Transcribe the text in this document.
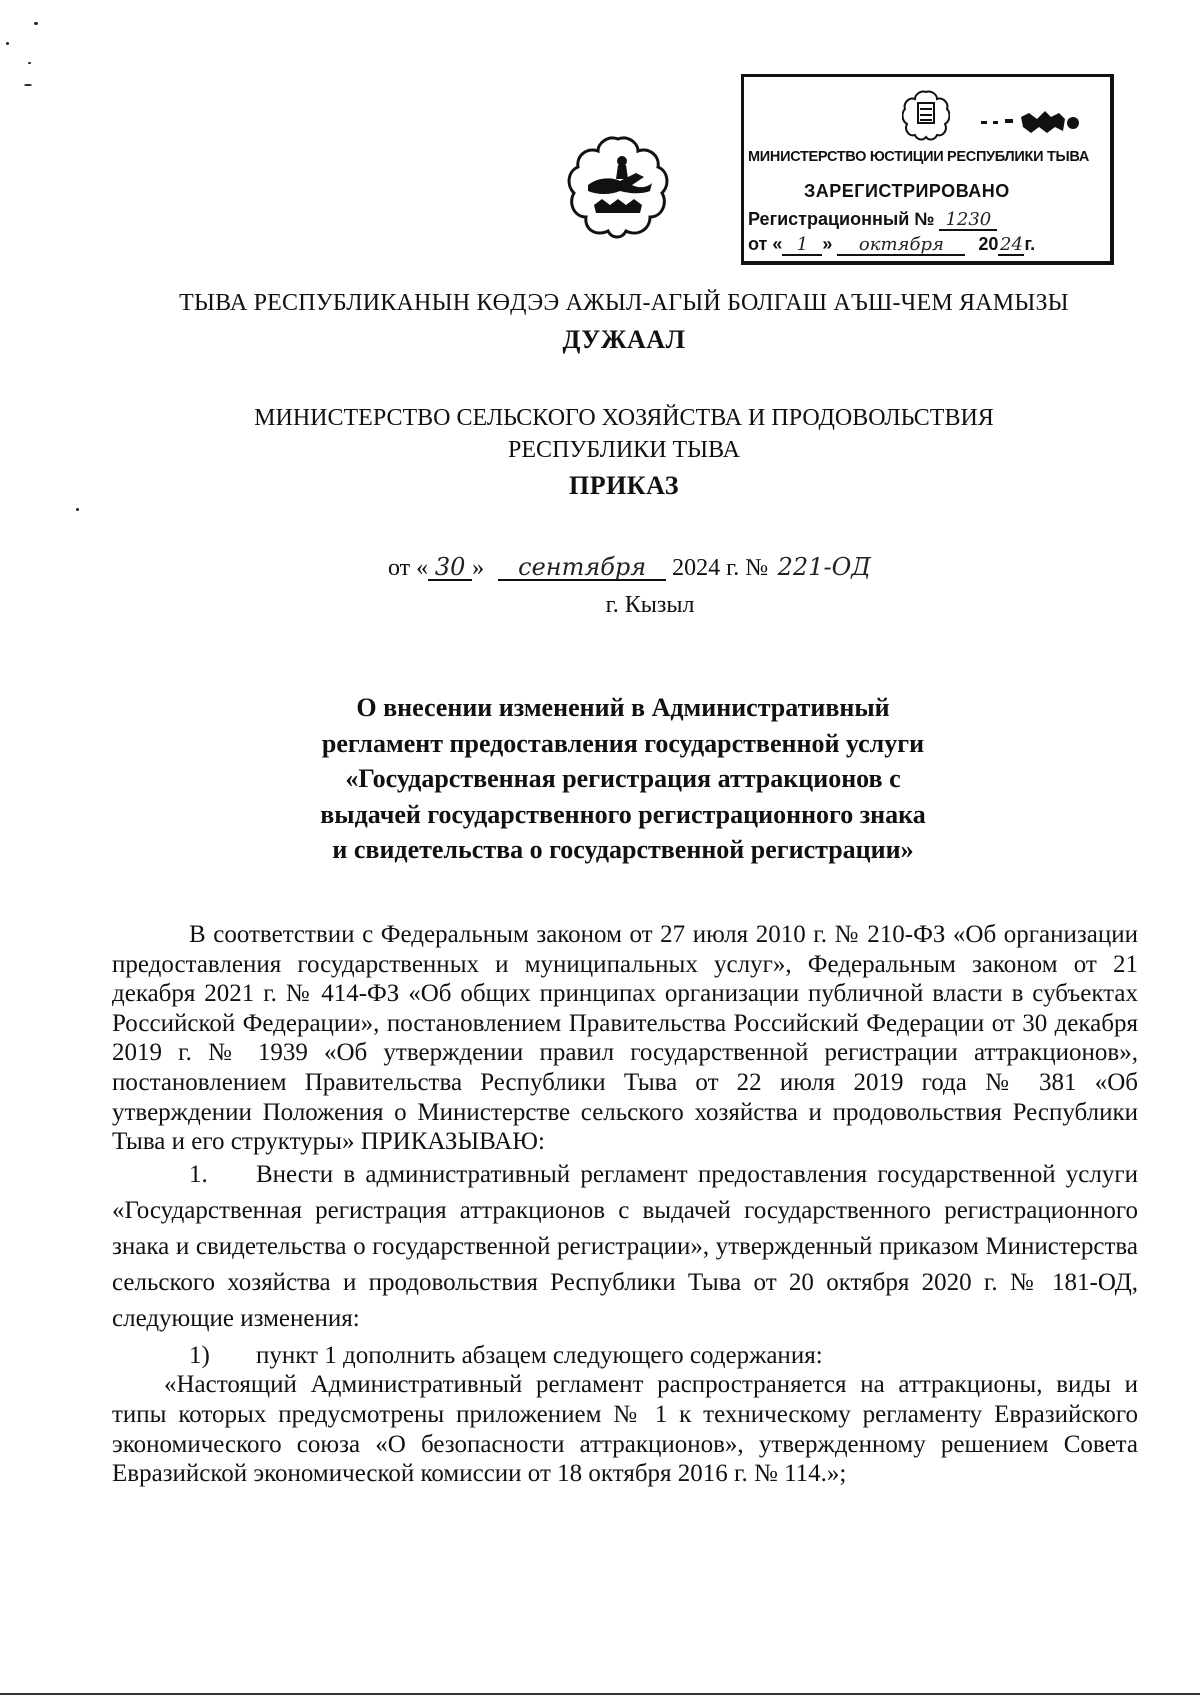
МИНИСТЕРСТВО ЮСТИЦИИ РЕСПУБЛИКИ ТЫВА
ЗАРЕГИСТРИРОВАНО
Регистрационный № 1230
от « 1 » октября 2024г.
ТЫВА РЕСПУБЛИКАНЫН КӨДЭЭ АЖЫЛ-АГЫЙ БОЛГАШ АЪШ-ЧЕМ ЯАМЫЗЫ
ДУЖААЛ
МИНИСТЕРСТВО СЕЛЬСКОГО ХОЗЯЙСТВА И ПРОДОВОЛЬСТВИЯ
РЕСПУБЛИКИ ТЫВА
ПРИКАЗ
от « 30 » сентября 2024 г. № 221-ОД
г. Кызыл
О внесении изменений в Административный
регламент предоставления государственной услуги
«Государственная регистрация аттракционов с
выдачей государственного регистрационного знака
и свидетельства о государственной регистрации»

В соответствии с Федеральным законом от 27 июля 2010 г. № 210-ФЗ «Об организации предоставления государственных и муниципальных услуг», Федеральным законом от 21 декабря 2021 г. № 414-ФЗ «Об общих принципах организации публичной власти в субъектах Российской Федерации», постановлением Правительства Российский Федерации от 30 декабря 2019 г. № 1939 «Об утверждении правил государственной регистрации аттракционов», постановлением Правительства Республики Тыва от 22 июля 2019 года № 381 «Об утверждении Положения о Министерстве сельского хозяйства и продовольствия Республики Тыва и его структуры» ПРИКАЗЫВАЮ:

1. Внести в административный регламент предоставления государственной услуги «Государственная регистрация аттракционов с выдачей государственного регистрационного знака и свидетельства о государственной регистрации», утвержденный приказом Министерства сельского хозяйства и продовольствия Республики Тыва от 20 октября 2020 г. № 181-ОД, следующие изменения:

1) пункт 1 дополнить абзацем следующего содержания:

«Настоящий Административный регламент распространяется на аттракционы, виды и типы которых предусмотрены приложением № 1 к техническому регламенту Евразийского экономического союза «О безопасности аттракционов», утвержденному решением Совета Евразийской экономической комиссии от 18 октября 2016 г. № 114.»;
